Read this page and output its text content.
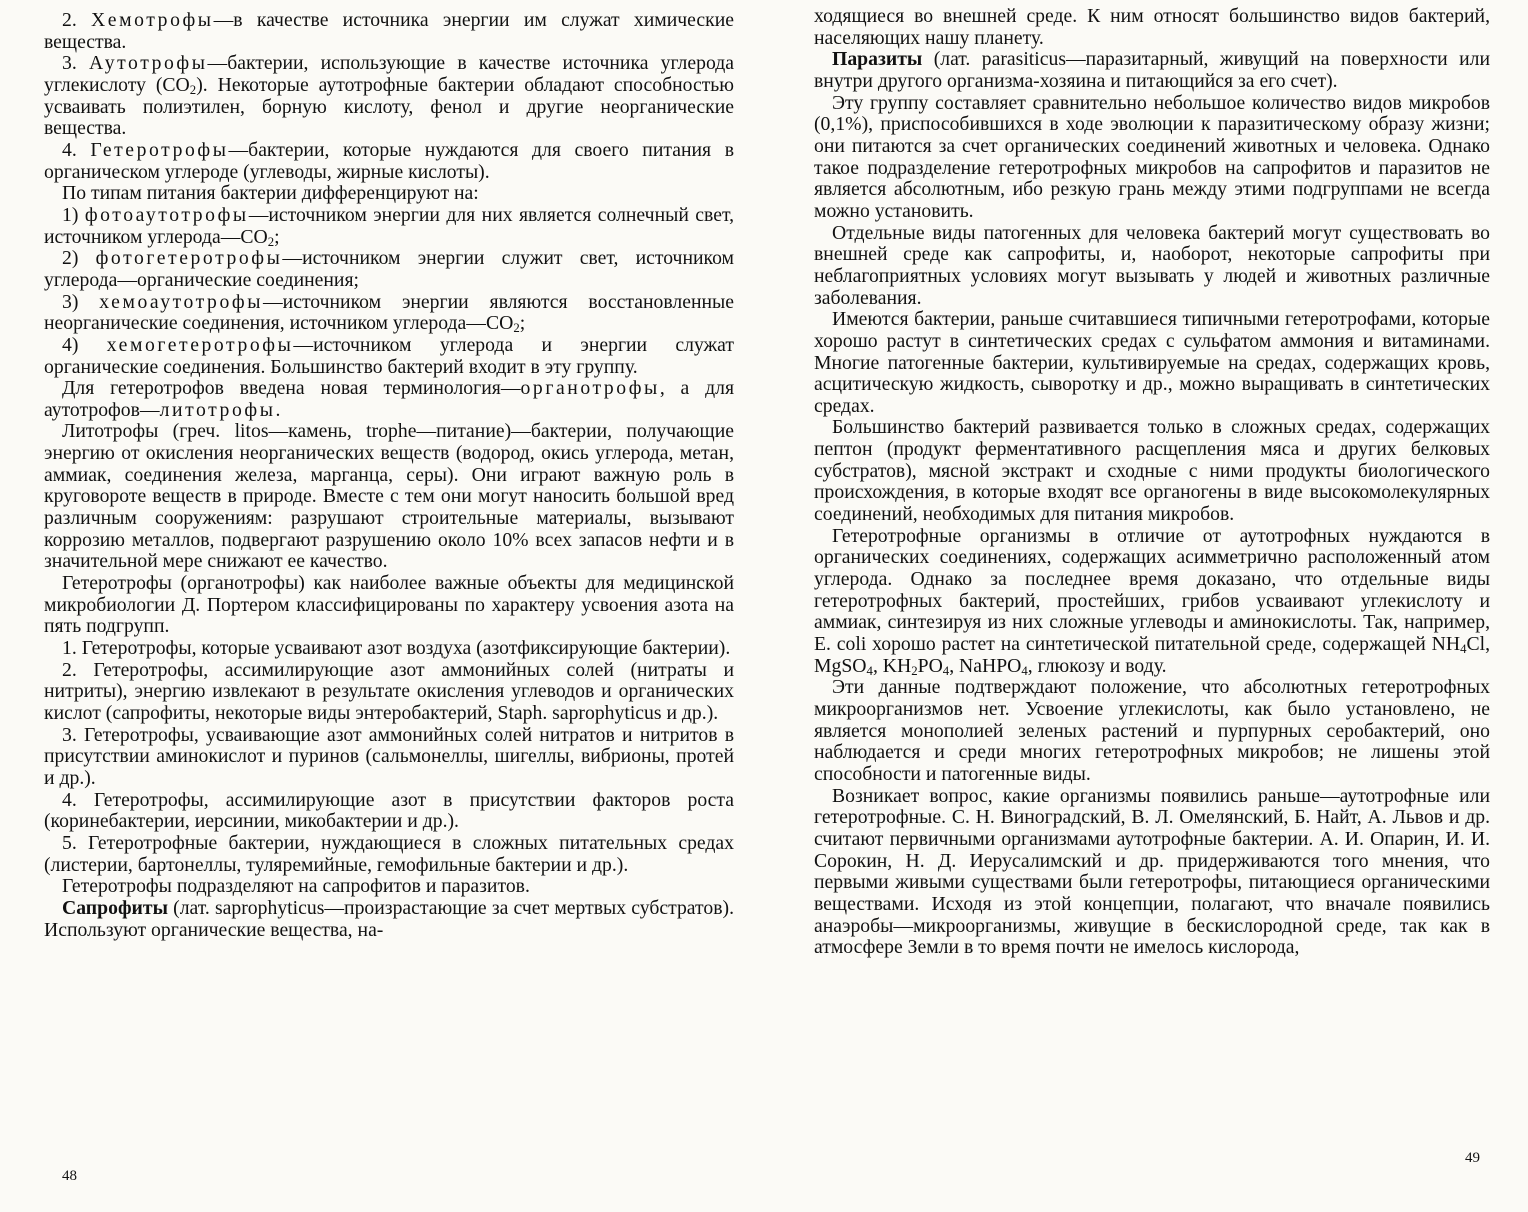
2. Хемотрофы—в качестве источника энергии им служат химические вещества.

3. Аутотрофы—бактерии, использующие в качестве источника углерода углекислоту $(CO_2)$. Некоторые аутотрофные бактерии обладают способностью усваивать полиэтилен, борную кислоту, фенол и другие неорганические вещества.

4. Гетеротрофы—бактерии, которые нуждаются для своего питания в органическом углероде (углеводы, жирные кислоты).

По типам питания бактерии дифференцируют на:

1) фотоаутотрофы—источником энергии для них является солнечный свет, источником $углерода—CO_2$;

2) фотогетеротрофы—источником энергии служит свет, источником углерода—органические соединения;

3) хемоаутотрофы—источником энергии являются восстановленные неорганические соединения, источником $углерода—CO_2$;

4) хемогетеротрофы—источником углерода и энергии служат органические соединения. Большинство бактерий входит в эту группу.

Для гетеротрофов введена новая терминология—органотрофы, а для аутотрофов—литотрофы.

Литотрофы (греч. litos—камень, trophe—питание)—бактерии, получающие энергию от окисления неорганических веществ (водород, окись углерода, метан, аммиак, соединения железа, марганца, серы). Они играют важную роль в круговороте веществ в природе. Вместе с тем они могут наносить большой вред различным сооружениям: разрушают строительные материалы, вызывают коррозию металлов, подвергают разрушению около 10% всех запасов нефти и в значительной мере снижают ее качество.

Гетеротрофы (органотрофы) как наиболее важные объекты для медицинской микробиологии Д. Портером классифицированы по характеру усвоения азота на пять подгрупп.

1. Гетеротрофы, которые усваивают азот воздуха (азотфиксирующие бактерии).

2. Гетеротрофы, ассимилирующие азот аммонийных солей (нитраты и нитриты), энергию извлекают в результате окисления углеводов и органических кислот (сапрофиты, некоторые виды энтеробактерий, Staph. saprophyticus и др.).

3. Гетеротрофы, усваивающие азот аммонийных солей нитратов и нитритов в присутствии аминокислот и пуринов (сальмонеллы, шигеллы, вибрионы, протей и др.).

4. Гетеротрофы, ассимилирующие азот в присутствии факторов роста (коринебактерии, иерсинии, микобактерии и др.).

5. Гетеротрофные бактерии, нуждающиеся в сложных питательных средах (листерии, бартонеллы, туляремийные, гемофильные бактерии и др.).

Гетеротрофы подразделяют на сапрофитов и паразитов.

Сапрофиты (лат. saprophyticus—произрастающие за счет мертвых субстратов). Используют органические вещества, на-

48

ходящиеся во внешней среде. К ним относят большинство видов бактерий, населяющих нашу планету.

Паразиты (лат. parasiticus—паразитарный, живущий на поверхности или внутри другого организма-хозяина и питающийся за его счет).

Эту группу составляет сравнительно небольшое количество видов микробов (0,1%), приспособившихся в ходе эволюции к паразитическому образу жизни; они питаются за счет органических соединений животных и человека. Однако такое подразделение гетеротрофных микробов на сапрофитов и паразитов не является абсолютным, ибо резкую грань между этими подгруппами не всегда можно установить.

Отдельные виды патогенных для человека бактерий могут существовать во внешней среде как сапрофиты, и, наоборот, некоторые сапрофиты при неблагоприятных условиях могут вызывать у людей и животных различные заболевания.

Имеются бактерии, раньше считавшиеся типичными гетеротрофами, которые хорошо растут в синтетических средах с сульфатом аммония и витаминами. Многие патогенные бактерии, культивируемые на средах, содержащих кровь, асцитическую жидкость, сыворотку и др., можно выращивать в синтетических средах.

Большинство бактерий развивается только в сложных средах, содержащих пептон (продукт ферментативного расщепления мяса и других белковых субстратов), мясной экстракт и сходные с ними продукты биологического происхождения, в которые входят все органогены в виде высокомолекулярных соединений, необходимых для питания микробов.

Гетеротрофные организмы в отличие от аутотрофных нуждаются в органических соединениях, содержащих асимметрично расположенный атом углерода. Однако за последнее время доказано, что отдельные виды гетеротрофных бактерий, простейших, грибов усваивают углекислоту и аммиак, синтезируя из них сложные углеводы и аминокислоты. Так, например, E. coli хорошо растет на синтетической питательной среде, содержащей $NH_4Cl$, MgSO$_4$, $KH_2PO_4$, NaHPO$_4$, глюкозу и воду.

Эти данные подтверждают положение, что абсолютных гетеротрофных микроорганизмов нет. Усвоение углекислоты, как было установлено, не является монополией зеленых растений и пурпурных серобактерий, оно наблюдается и среди многих гетеротрофных микробов; не лишены этой способности и патогенные виды.

Возникает вопрос, какие организмы появились раньше—аутотрофные или гетеротрофные. С. Н. Виноградский, В. Л. Омелянский, Б. Найт, А. Львов и др. считают первичными организмами аутотрофные бактерии. А. И. Опарин, И. И. Сорокин, Н. Д. Иерусалимский и др. придерживаются того мнения, что первыми живыми существами были гетеротрофы, питающиеся органическими веществами. Исходя из этой концепции, полагают, что вначале появились анаэробы—микроорганизмы, живущие в бескислородной среде, так как в атмосфере Земли в то время почти не имелось кислорода,

49
